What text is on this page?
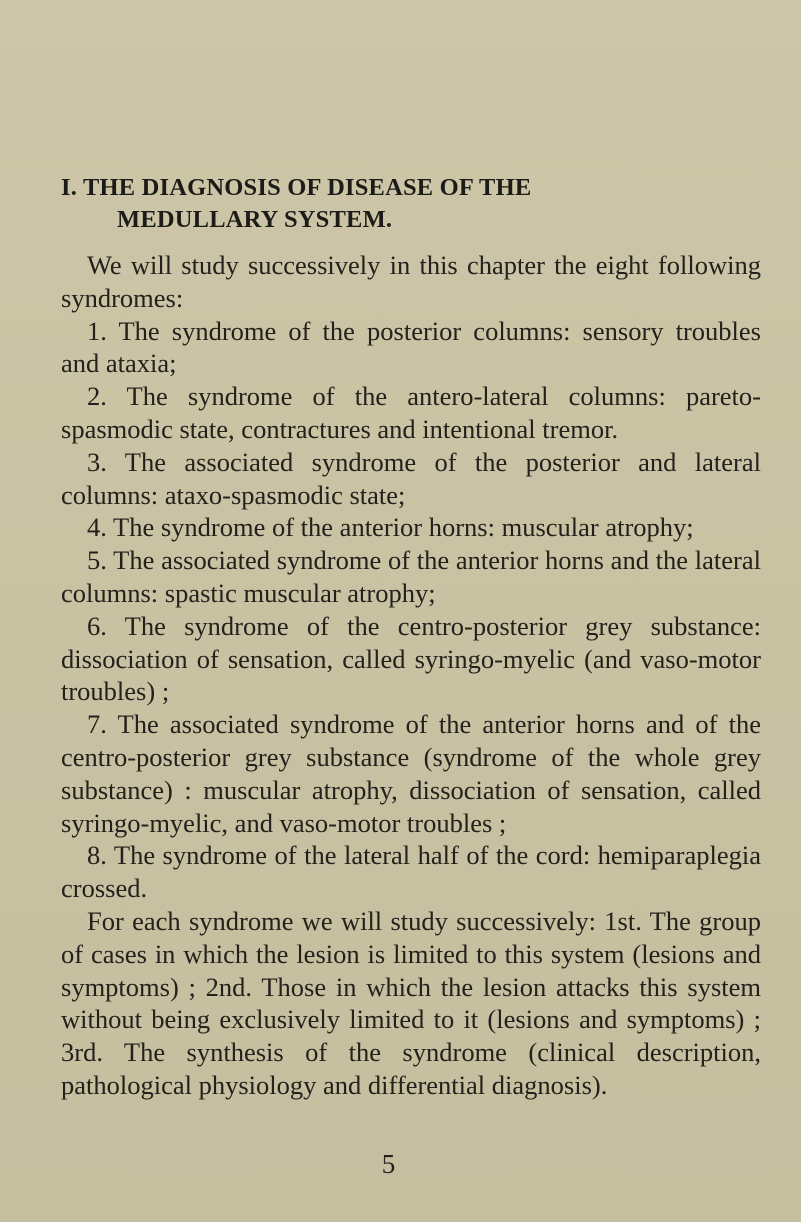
I. THE DIAGNOSIS OF DISEASE OF THE
MEDULLARY SYSTEM.

We will study successively in this chapter the eight following syndromes:

1. The syndrome of the posterior columns: sensory troubles and ataxia;

2. The syndrome of the antero-lateral columns: pareto-spasmodic state, contractures and intentional tremor.

3. The associated syndrome of the posterior and lateral columns: ataxo-spasmodic state;

4. The syndrome of the anterior horns: muscular atrophy;

5. The associated syndrome of the anterior horns and the lateral columns: spastic muscular atrophy;

6. The syndrome of the centro-posterior grey substance: dissociation of sensation, called syringo-myelic (and vaso-motor troubles) ;

7. The associated syndrome of the anterior horns and of the centro-posterior grey substance (syndrome of the whole grey substance) : muscular atrophy, dissociation of sensation, called syringo-myelic, and vaso-motor troubles ;

8. The syndrome of the lateral half of the cord: hemiparaplegia crossed.

For each syndrome we will study successively: 1st. The group of cases in which the lesion is limited to this system (lesions and symptoms) ; 2nd. Those in which the lesion attacks this system without being exclusively limited to it (lesions and symptoms) ; 3rd. The synthesis of the syndrome (clinical description, pathological physiology and differential diagnosis).

5
